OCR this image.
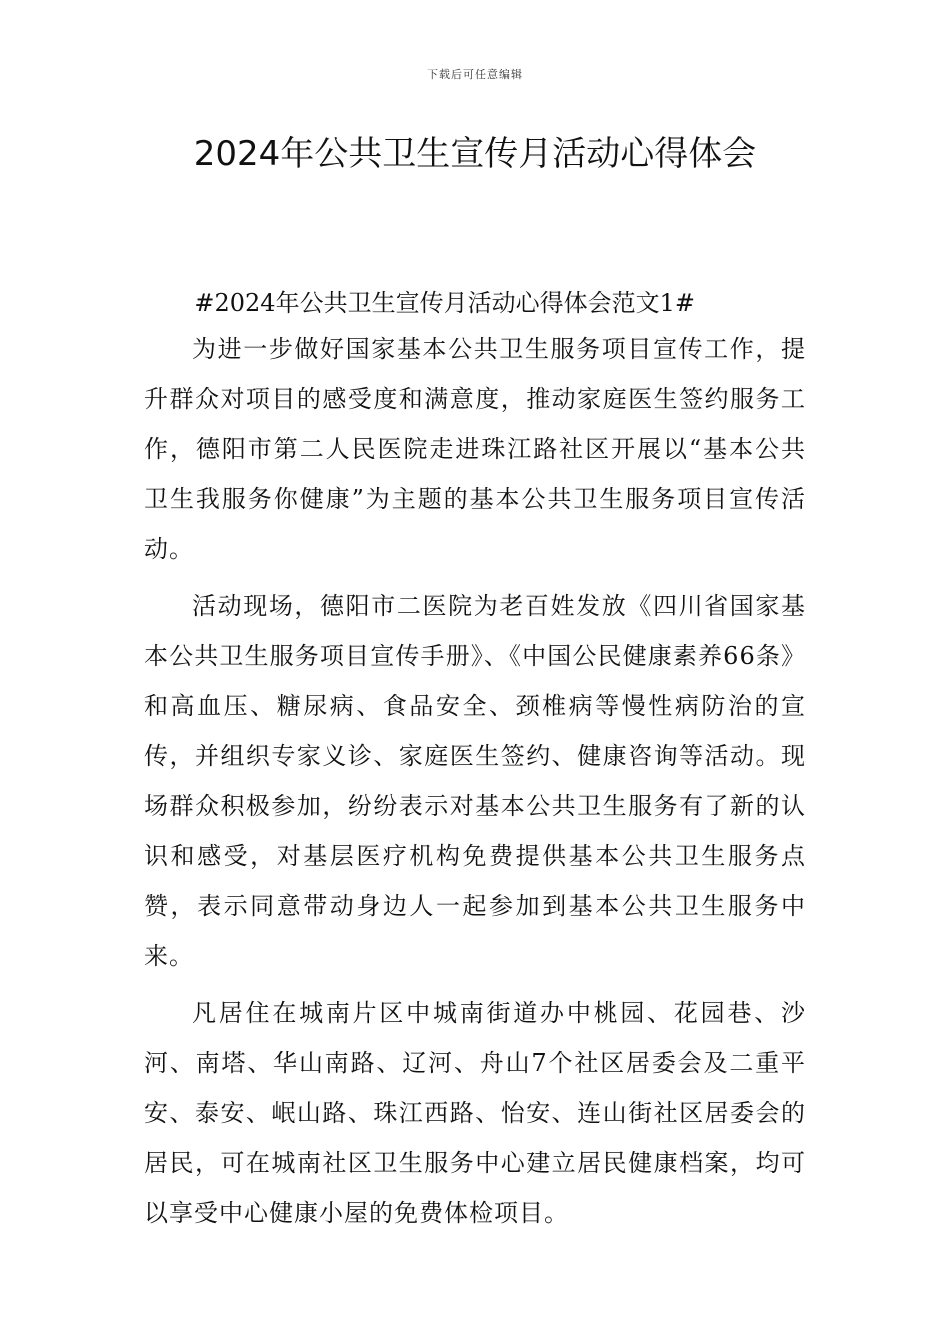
下载后可任意编辑
2024年公共卫生宣传月活动心得体会

#2024年公共卫生宣传月活动心得体会范文1#

为进一步做好国家基本公共卫生服务项目宣传工作，提升群众对项目的感受度和满意度，推动家庭医生签约服务工作，德阳市第二人民医院走进珠江路社区开展以“基本公共卫生我服务你健康”为主题的基本公共卫生服务项目宣传活动。

活动现场，德阳市二医院为老百姓发放《四川省国家基本公共卫生服务项目宣传手册》、《中国公民健康素养66条》和高血压、糖尿病、食品安全、颈椎病等慢性病防治的宣传，并组织专家义诊、家庭医生签约、健康咨询等活动。现场群众积极参加，纷纷表示对基本公共卫生服务有了新的认识和感受，对基层医疗机构免费提供基本公共卫生服务点赞，表示同意带动身边人一起参加到基本公共卫生服务中来。

凡居住在城南片区中城南街道办中桃园、花园巷、沙河、南塔、华山南路、辽河、舟山7个社区居委会及二重平安、泰安、岷山路、珠江西路、怡安、连山街社区居委会的居民，可在城南社区卫生服务中心建立居民健康档案，均可以享受中心健康小屋的免费体检项目。
